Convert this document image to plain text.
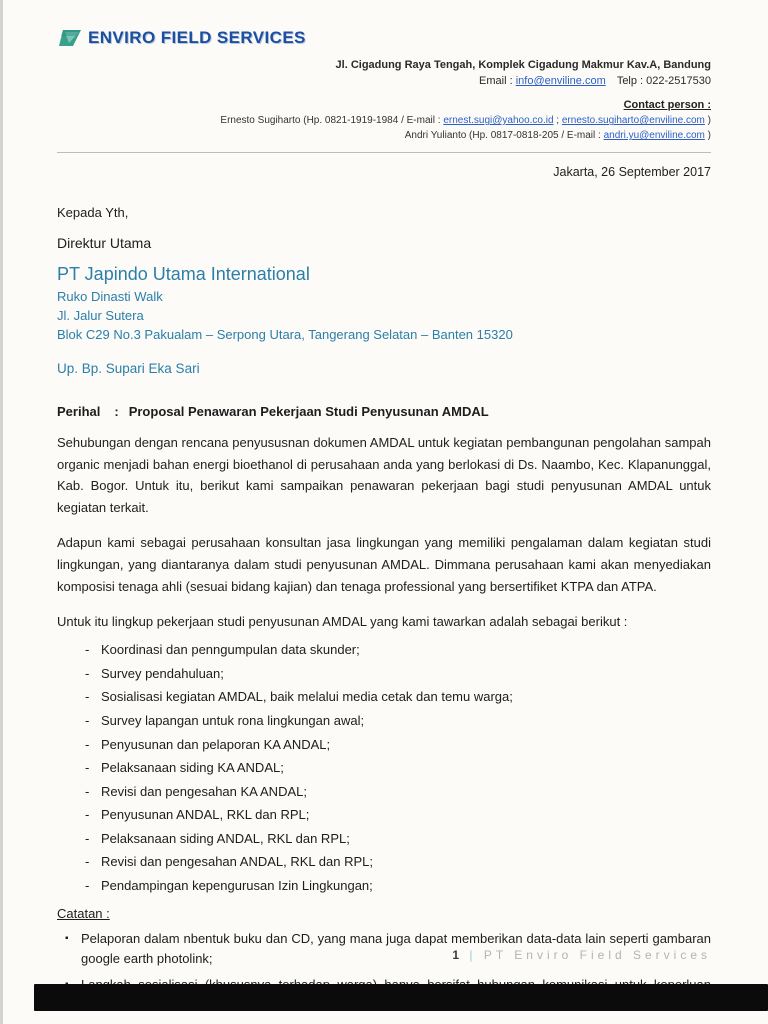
ENVIRO FIELD SERVICES
Jl. Cigadung Raya Tengah, Komplek Cigadung Makmur Kav.A, Bandung
Email : info@enviline.com Telp : 022-2517530
Contact person :
Ernesto Sugiharto (Hp. 0821-1919-1984 / E-mail : ernest.sugi@yahoo.co.id ; ernesto.sugiharto@enviline.com )
Andri Yulianto (Hp. 0817-0818-205 / E-mail : andri.yu@enviline.com )
Jakarta, 26 September 2017
Kepada Yth,
Direktur Utama
PT Japindo Utama International
Ruko Dinasti Walk
Jl. Jalur Sutera
Blok C29 No.3 Pakualam – Serpong Utara, Tangerang Selatan – Banten 15320
Up. Bp. Supari Eka Sari
Perihal : Proposal Penawaran Pekerjaan Studi Penyusunan AMDAL

Sehubungan dengan rencana penyususnan dokumen AMDAL untuk kegiatan pembangunan pengolahan sampah organic menjadi bahan energi bioethanol di perusahaan anda yang berlokasi di Ds. Naambo, Kec. Klapanunggal, Kab. Bogor. Untuk itu, berikut kami sampaikan penawaran pekerjaan bagi studi penyusunan AMDAL untuk kegiatan terkait.

Adapun kami sebagai perusahaan konsultan jasa lingkungan yang memiliki pengalaman dalam kegiatan studi lingkungan, yang diantaranya dalam studi penyusunan AMDAL. Dimmana perusahaan kami akan menyediakan komposisi tenaga ahli (sesuai bidang kajian) dan tenaga professional yang bersertifiket KTPA dan ATPA.

Untuk itu lingkup pekerjaan studi penyusunan AMDAL yang kami tawarkan adalah sebagai berikut :

- Koordinasi dan penngumpulan data skunder;
- Survey pendahuluan;
- Sosialisasi kegiatan AMDAL, baik melalui media cetak dan temu warga;
- Survey lapangan untuk rona lingkungan awal;
- Penyusunan dan pelaporan KA ANDAL;
- Pelaksanaan siding KA ANDAL;
- Revisi dan pengesahan KA ANDAL;
- Penyusunan ANDAL, RKL dan RPL;
- Pelaksanaan siding ANDAL, RKL dan RPL;
- Revisi dan pengesahan ANDAL, RKL dan RPL;
- Pendampingan kepengurusan Izin Lingkungan;
Catatan :
▪ Pelaporan dalam nbentuk buku dan CD, yang mana juga dapat memberikan data-data lain seperti gambaran google earth photolink;	1 | PT Enviro Field Services
